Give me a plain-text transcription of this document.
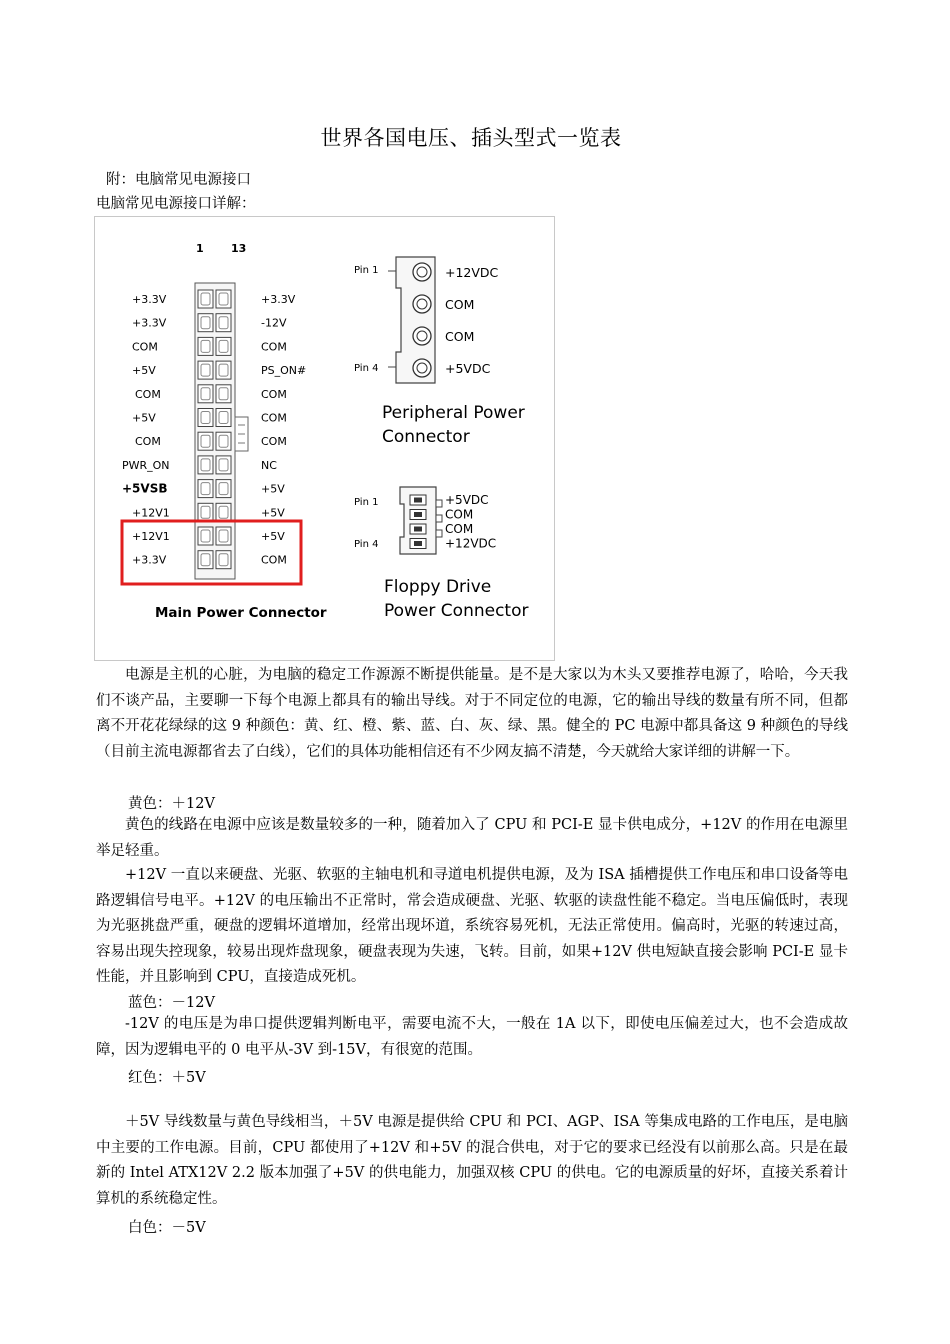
世界各国电压、插头型式一览表
附：电脑常见电源接口
电脑常见电源接口详解：
1 13
+3.3V
+3.3V
COM
+5V
COM
+5V
COM
PWR_ON
+5VSB
+12V1
+12V1
+3.3V
+3.3V
-12V
COM
PS_ON#
COM
COM
COM
NC
+5V
+5V
+5V
COM
Main Power Connector
Pin 1
Pin 4
+12VDC
COM
COM
+5VDC
Peripheral Power
Connector
Pin 1
Pin 4
+5VDC
COM
COM
+12VDC
Floppy Drive
Power Connector

电源是主机的心脏，为电脑的稳定工作源源不断提供能量。是不是大家以为木头又要推荐电源了，哈哈，今天我们不谈产品，主要聊一下每个电源上都具有的输出导线。对于不同定位的电源，它的输出导线的数量有所不同，但都离不开花花绿绿的这 9 种颜色：黄、红、橙、紫、蓝、白、灰、绿、黑。健全的 PC 电源中都具备这 9 种颜色的导线（目前主流电源都省去了白线），它们的具体功能相信还有不少网友搞不清楚，今天就给大家详细的讲解一下。

黄色：＋12V

黄色的线路在电源中应该是数量较多的一种，随着加入了 CPU 和 PCI-E 显卡供电成分，+12V 的作用在电源里举足轻重。

+12V 一直以来硬盘、光驱、软驱的主轴电机和寻道电机提供电源，及为 ISA 插槽提供工作电压和串口设备等电路逻辑信号电平。+12V 的电压输出不正常时，常会造成硬盘、光驱、软驱的读盘性能不稳定。当电压偏低时，表现为光驱挑盘严重，硬盘的逻辑坏道增加，经常出现坏道，系统容易死机，无法正常使用。偏高时，光驱的转速过高，容易出现失控现象，较易出现炸盘现象，硬盘表现为失速，飞转。目前，如果+12V 供电短缺直接会影响 PCI-E 显卡性能，并且影响到 CPU，直接造成死机。

蓝色：－12V

-12V 的电压是为串口提供逻辑判断电平，需要电流不大，一般在 1A 以下，即使电压偏差过大，也不会造成故障，因为逻辑电平的 0 电平从-3V 到-15V，有很宽的范围。

红色：＋5V

＋5V 导线数量与黄色导线相当，＋5V 电源是提供给 CPU 和 PCI、AGP、ISA 等集成电路的工作电压，是电脑中主要的工作电源。目前，CPU 都使用了+12V 和+5V 的混合供电，对于它的要求已经没有以前那么高。只是在最新的 Intel ATX12V 2.2 版本加强了+5V 的供电能力，加强双核 CPU 的供电。它的电源质量的好坏，直接关系着计算机的系统稳定性。

白色：－5V
